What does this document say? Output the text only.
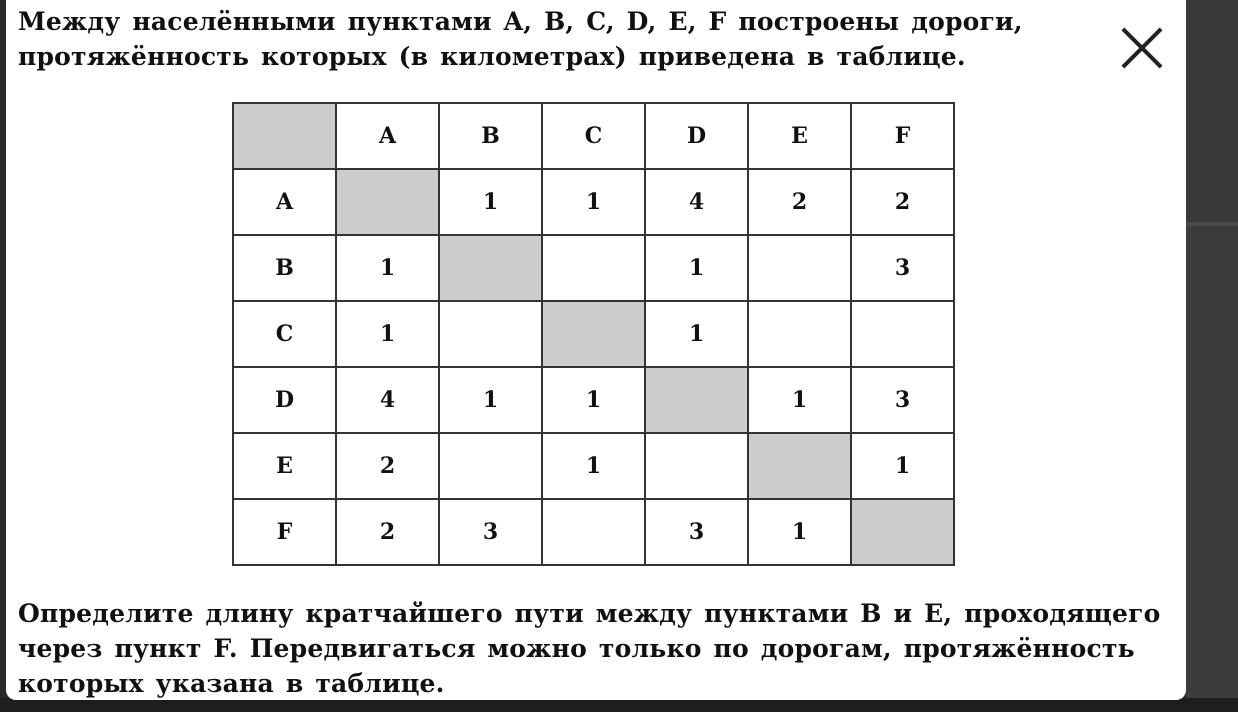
Между населёнными пунктами A, B, C, D, E, F построены дороги, протяжённость которых (в километрах) приведена в таблице.

	A	B	C	D	E	F
A		1	1	4	2	2
B	1			1		3
C	1			1		
D	4	1	1		1	3
E	2		1			1
F	2	3		3	1	

Определите длину кратчайшего пути между пунктами B и E, проходящего через пункт F. Передвигаться можно только по дорогам, протяжённость которых указана в таблице.
